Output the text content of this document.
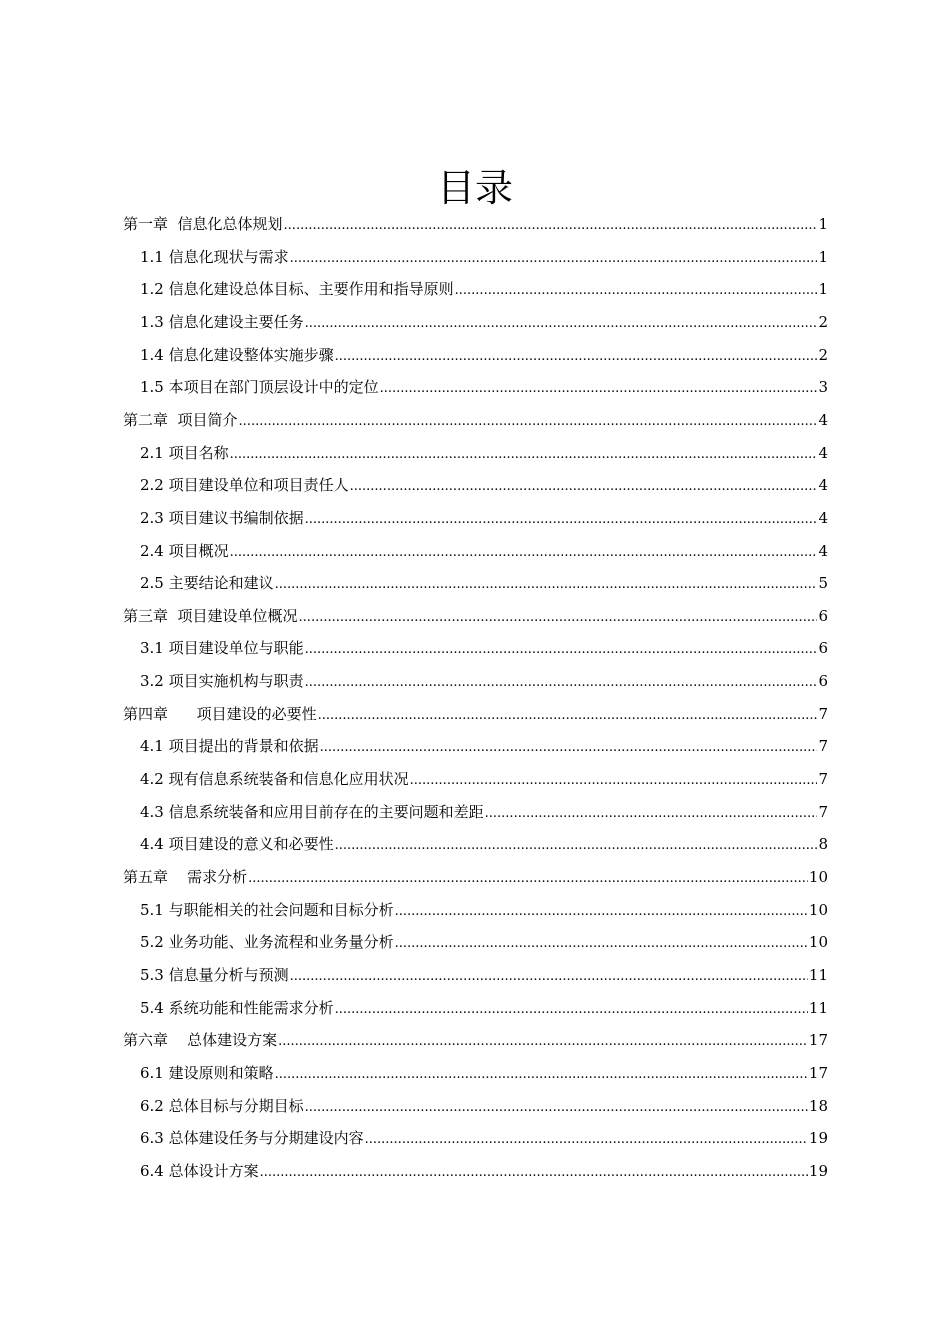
目录
第一章  信息化总体规划 .....	1
1.1 信息化现状与需求 .....	1
1.2 信息化建设总体目标、主要作用和指导原则 .....	1
1.3 信息化建设主要任务 .....	2
1.4 信息化建设整体实施步骤 .....	2
1.5 本项目在部门顶层设计中的定位 .....	3
第二章  项目简介 .....	4
2.1 项目名称 .....	4
2.2 项目建设单位和项目责任人 .....	4
2.3 项目建议书编制依据 .....	4
2.4 项目概况 .....	4
2.5 主要结论和建议 .....	5
第三章  项目建设单位概况 .....	6
3.1 项目建设单位与职能 .....	6
3.2 项目实施机构与职责 .....	6
第四章      项目建设的必要性 .....	7
4.1 项目提出的背景和依据 .....	7
4.2 现有信息系统装备和信息化应用状况 .....	7
4.3 信息系统装备和应用目前存在的主要问题和差距 .....	7
4.4 项目建设的意义和必要性 .....	8
第五章    需求分析 .....	10
5.1 与职能相关的社会问题和目标分析 .....	10
5.2 业务功能、业务流程和业务量分析 .....	10
5.3 信息量分析与预测 .....	11
5.4 系统功能和性能需求分析 .....	11
第六章    总体建设方案 .....	17
6.1 建设原则和策略 .....	17
6.2 总体目标与分期目标 .....	18
6.3 总体建设任务与分期建设内容 .....	19
6.4 总体设计方案 .....	19
